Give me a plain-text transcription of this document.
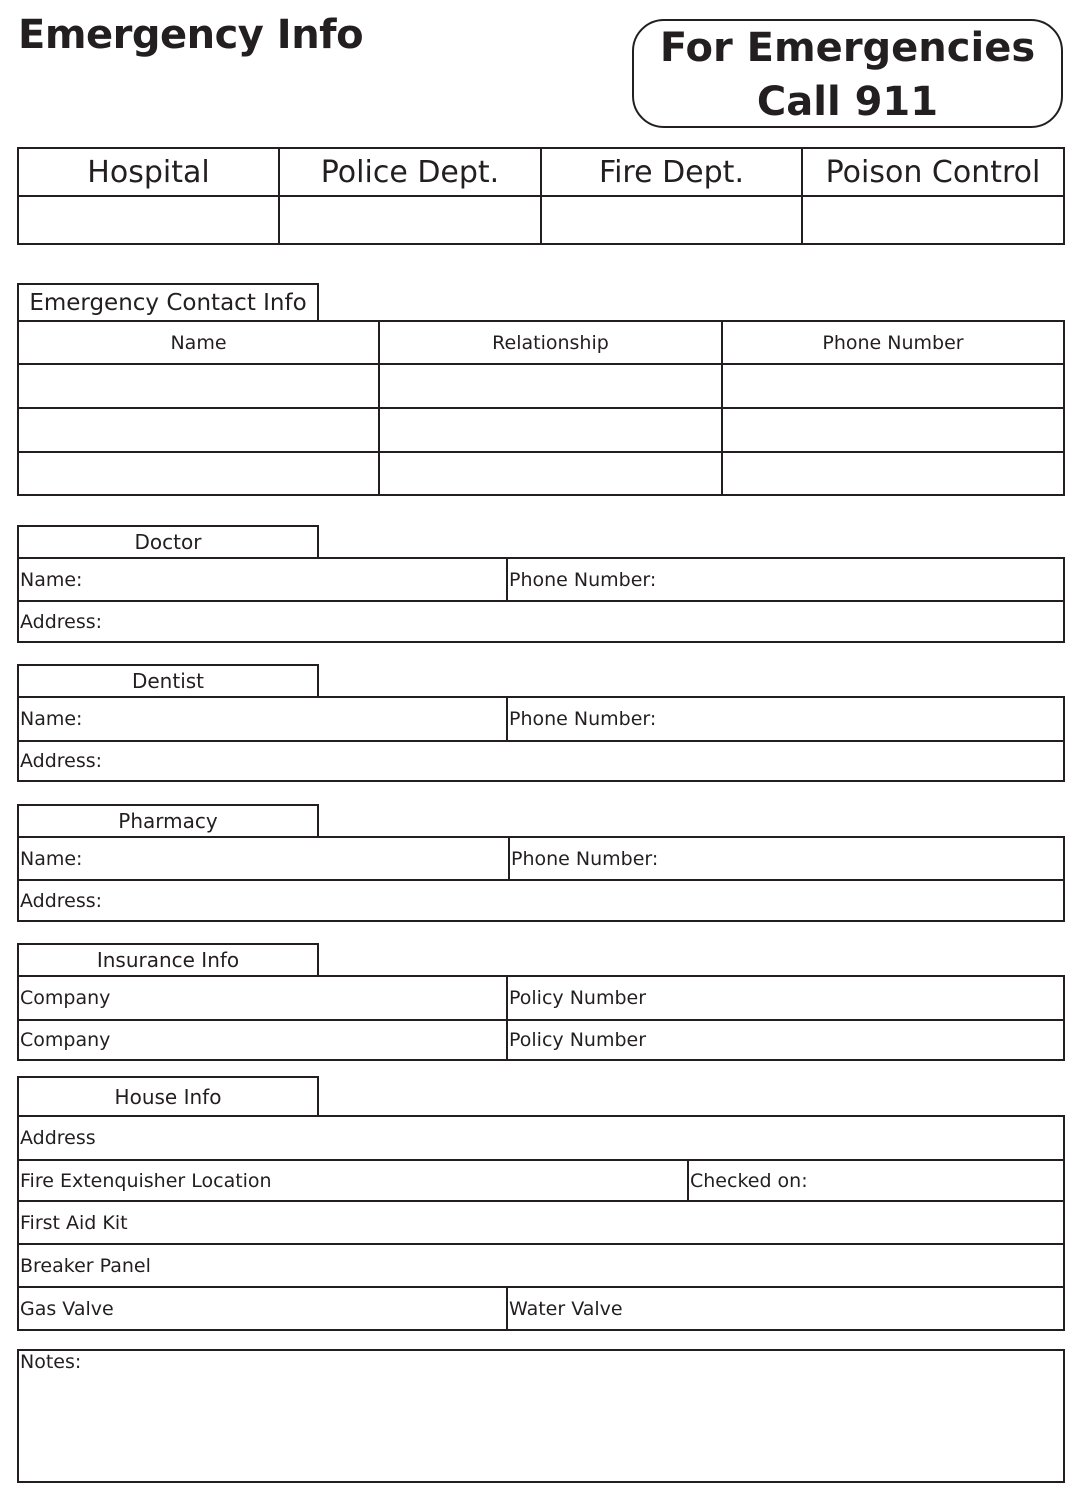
Emergency Info	For Emergencies
Call 911
Hospital	Police Dept.	Fire Dept.	Poison Control
Emergency Contact Info
Name	Relationship	Phone Number
Doctor
Name:	Phone Number:
Address:
Dentist
Name:	Phone Number:
Address:
Pharmacy
Name:	Phone Number:
Address:
Insurance Info
Company	Policy Number
Company	Policy Number
House Info
Address
Fire Extenquisher Location	Checked on:
First Aid Kit
Breaker Panel
Gas Valve	Water Valve
Notes:
